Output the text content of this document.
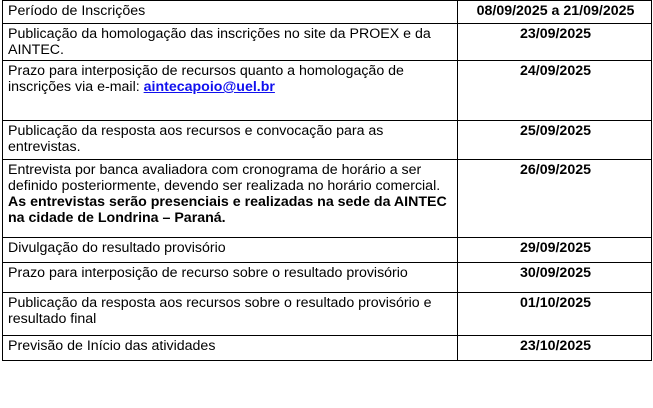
Período de Inscrições	08/09/2025 a 21/09/2025
Publicação da homologação das inscrições no site da PROEX e da AINTEC.	23/09/2025
Prazo para interposição de recursos quanto a homologação de inscrições via e-mail: aintecapoio@uel.br	24/09/2025
Publicação da resposta aos recursos e convocação para as entrevistas.	25/09/2025
Entrevista por banca avaliadora com cronograma de horário a ser definido posteriormente, devendo ser realizada no horário comercial. As entrevistas serão presenciais e realizadas na sede da AINTEC na cidade de Londrina – Paraná.	26/09/2025
Divulgação do resultado provisório	29/09/2025
Prazo para interposição de recurso sobre o resultado provisório	30/09/2025
Publicação da resposta aos recursos sobre o resultado provisório e resultado final	01/10/2025
Previsão de Início das atividades	23/10/2025
